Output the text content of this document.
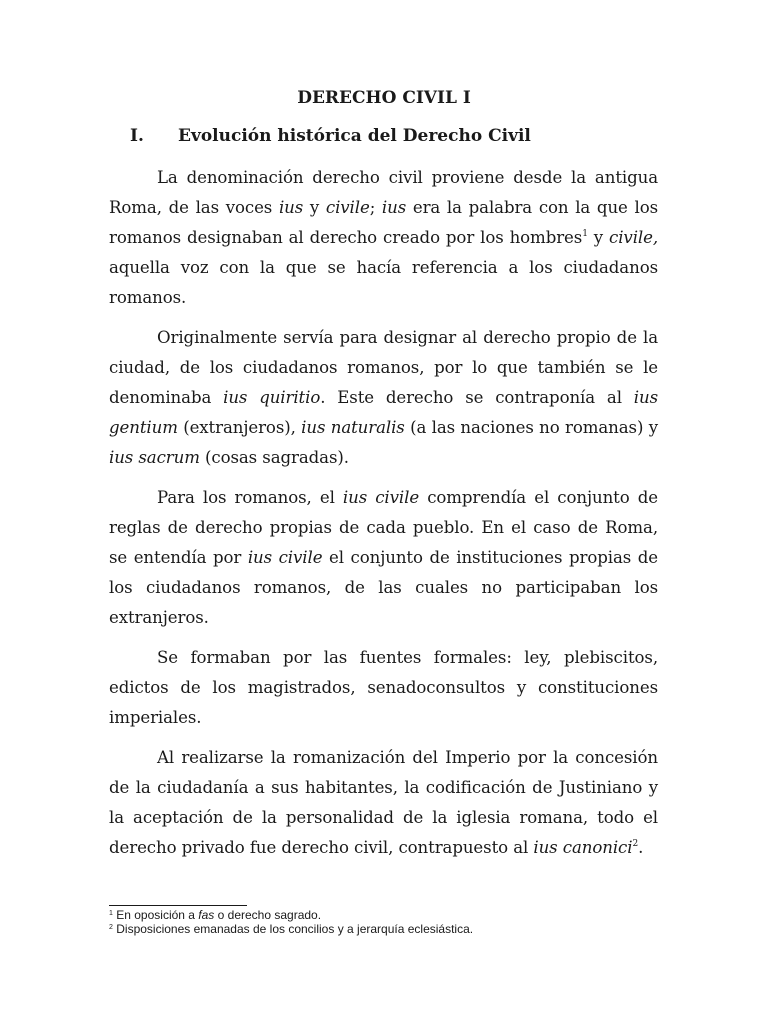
DERECHO CIVIL I
I. Evolución histórica del Derecho Civil

La denominación derecho civil proviene desde la antigua Roma, de las voces ius y civile; ius era la palabra con la que los romanos designaban al derecho creado por los hombres$^1$ y civile, aquella voz con la que se hacía referencia a los ciudadanos romanos.

Originalmente servía para designar al derecho propio de la ciudad, de los ciudadanos romanos, por lo que también se le denominaba ius quiritio. Este derecho se contraponía al ius gentium (extranjeros), ius naturalis (a las naciones no romanas) y ius sacrum (cosas sagradas).

Para los romanos, el ius civile comprendía el conjunto de reglas de derecho propias de cada pueblo. En el caso de Roma, se entendía por ius civile el conjunto de instituciones propias de los ciudadanos romanos, de las cuales no participaban los extranjeros.

Se formaban por las fuentes formales: ley, plebiscitos, edictos de los magistrados, senadoconsultos y constituciones imperiales.

Al realizarse la romanización del Imperio por la concesión de la ciudadanía a sus habitantes, la codificación de Justiniano y la aceptación de la personalidad de la iglesia romana, todo el derecho privado fue derecho civil, contrapuesto al ius canonici$^2$.

$^1$ En oposición a fas o derecho sagrado.
$^2$ Disposiciones emanadas de los concilios y a jerarquía eclesiástica.
